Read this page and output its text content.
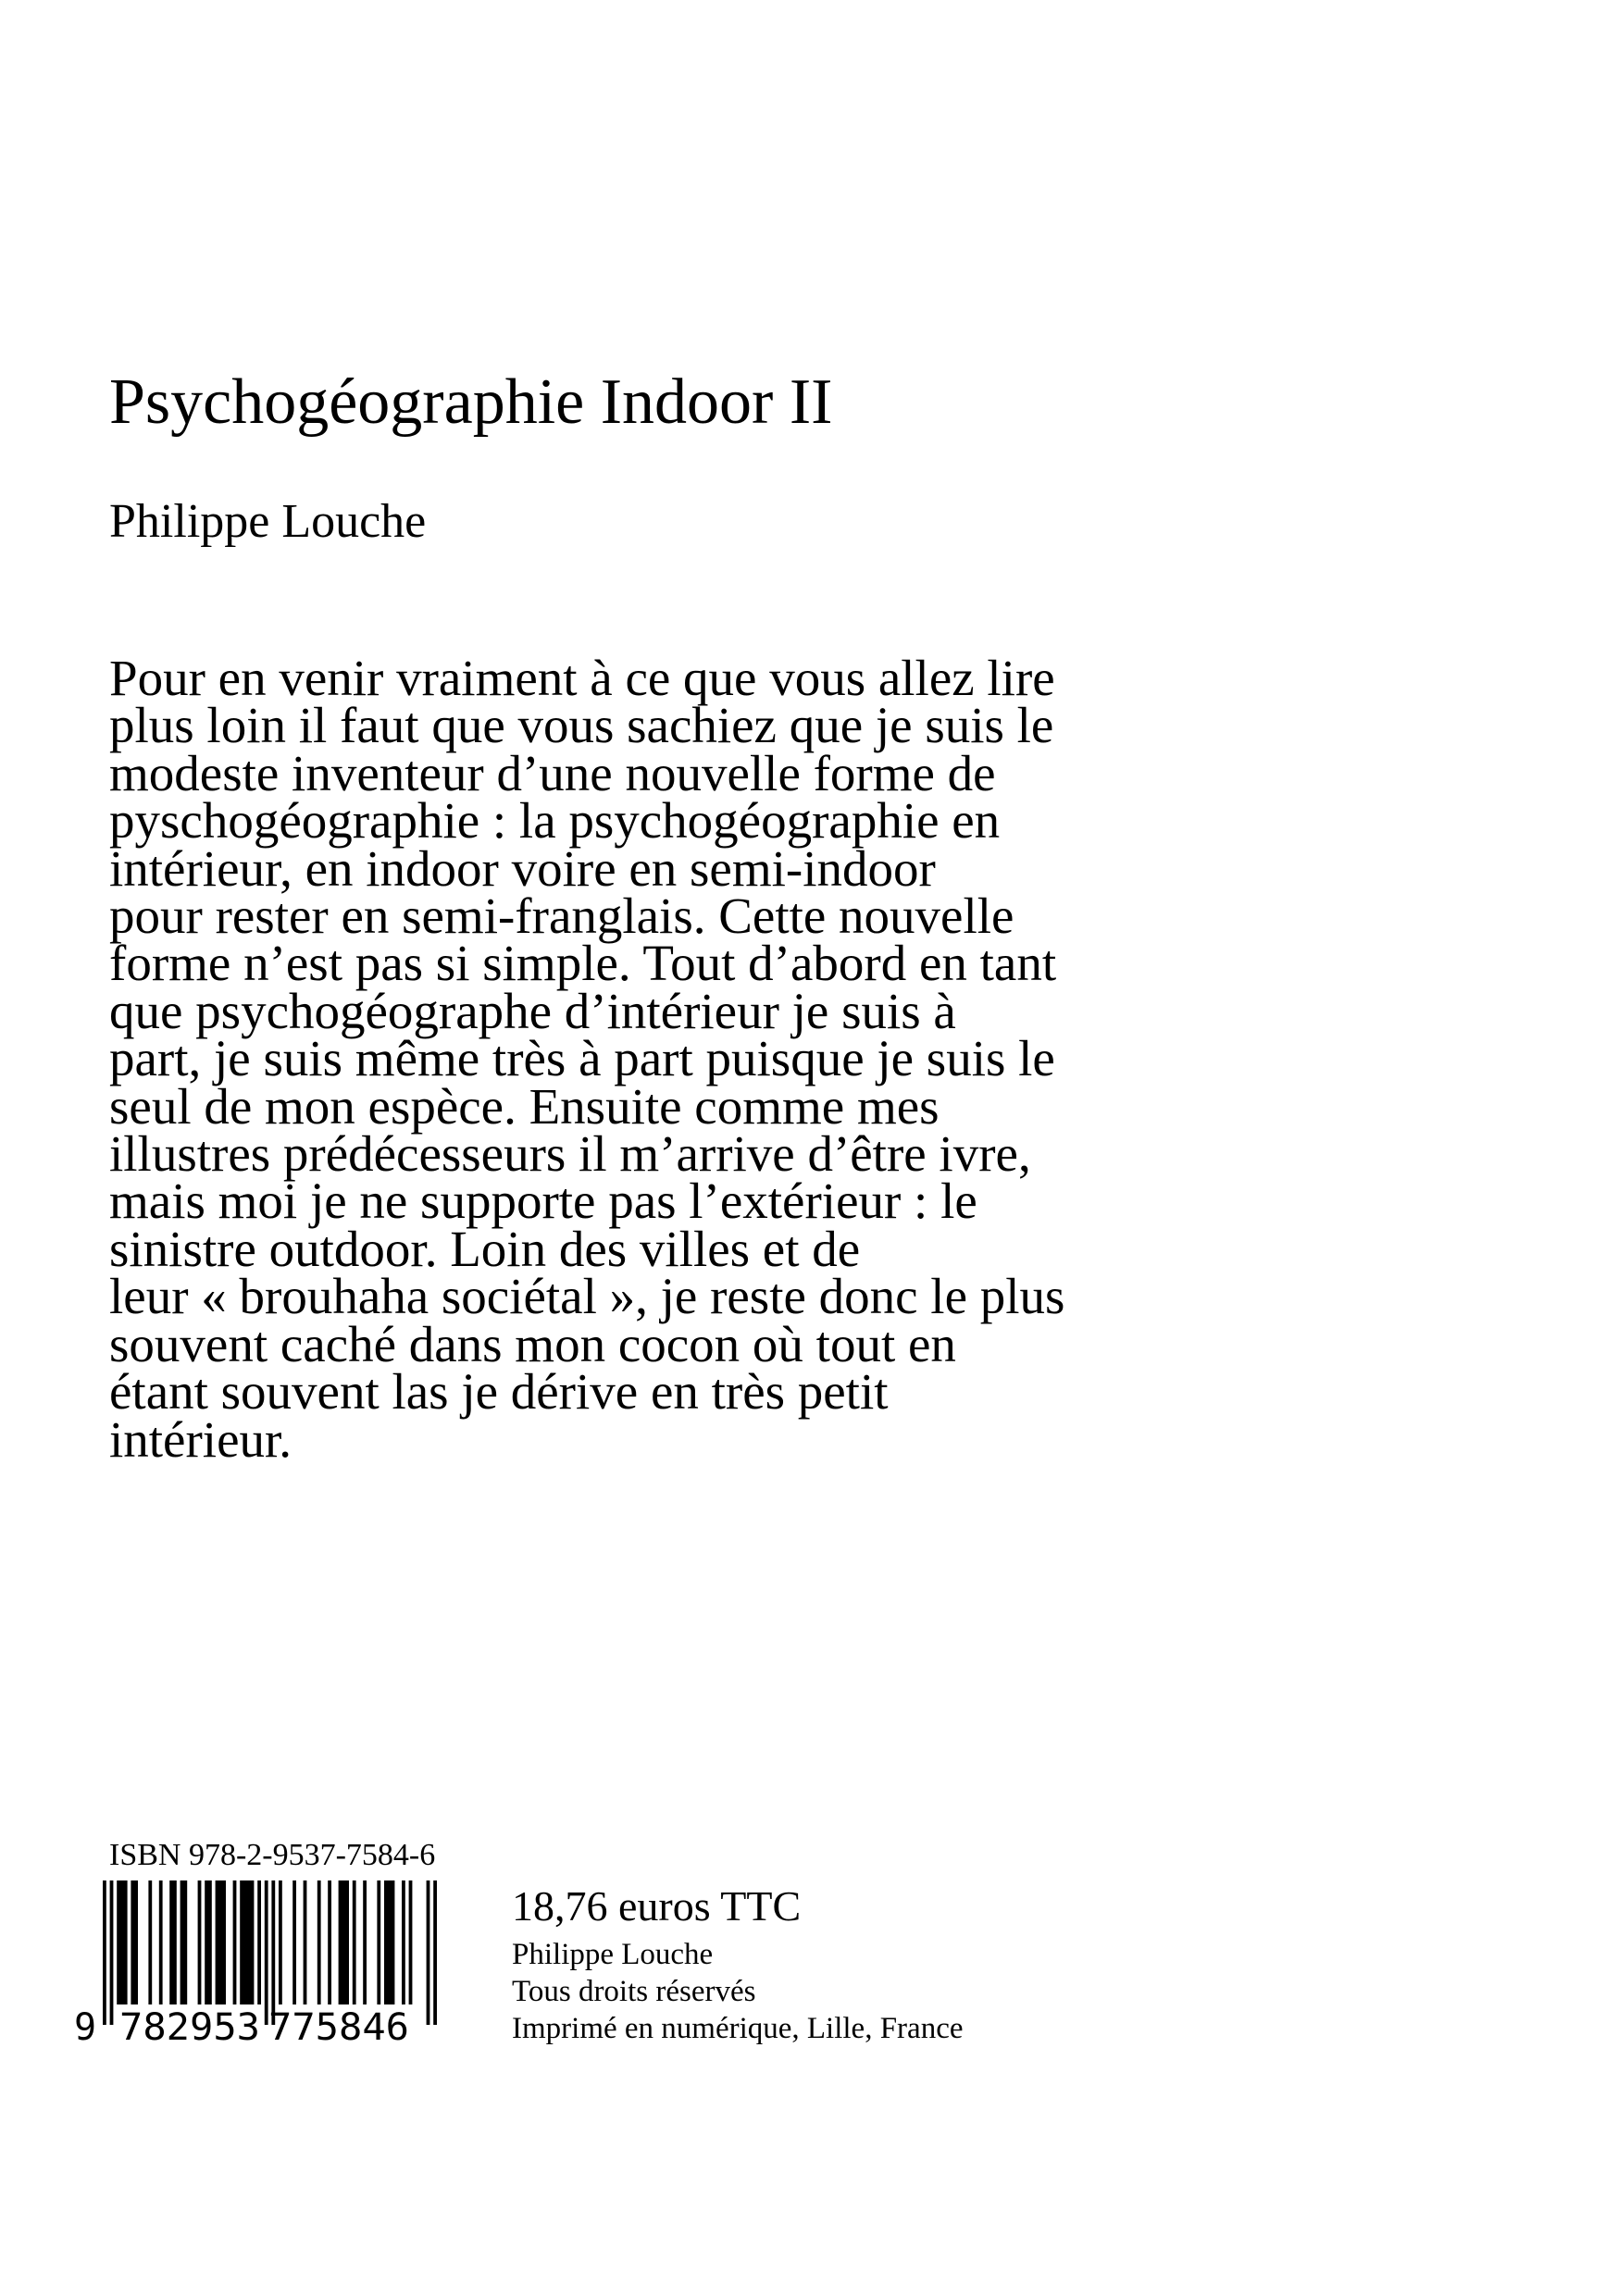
Psychogéographie Indoor II
Philippe Louche
Pour en venir vraiment à ce que vous allez lire
plus loin il faut que vous sachiez que je suis le
modeste inventeur d’une nouvelle forme de
pyschogéographie : la psychogéographie en
intérieur, en indoor voire en semi-indoor
pour rester en semi-franglais. Cette nouvelle
forme n’est pas si simple. Tout d’abord en tant
que psychogéographe d’intérieur je suis à
part, je suis même très à part puisque je suis le
seul de mon espèce. Ensuite comme mes
illustres prédécesseurs il m’arrive d’être ivre,
mais moi je ne supporte pas l’extérieur : le
sinistre outdoor. Loin des villes et de
leur « brouhaha sociétal », je reste donc le plus
souvent caché dans mon cocon où tout en
étant souvent las je dérive en très petit
intérieur.
ISBN 978-2-9537-7584-6
9 782953 775846
18,76 euros TTC
Philippe Louche
Tous droits réservés
Imprimé en numérique, Lille, France
